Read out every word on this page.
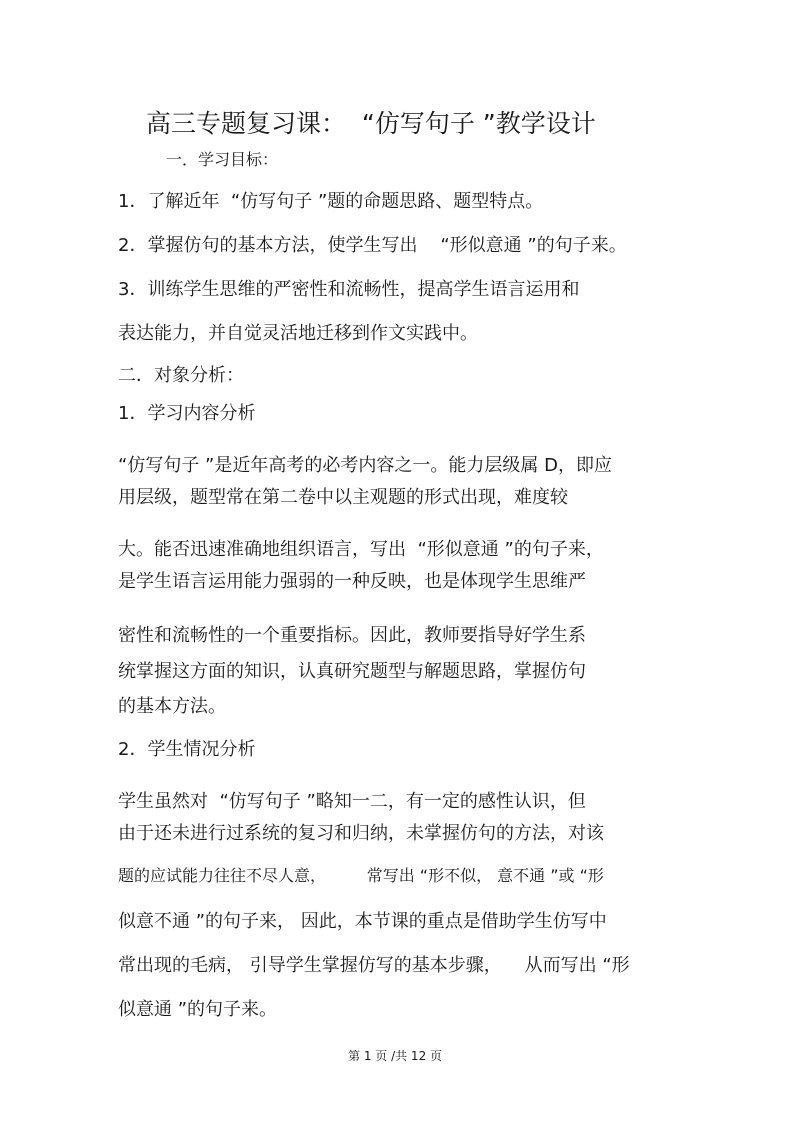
高三专题复习课：  “仿写句子 ”教学设计
一．学习目标：
1．了解近年  “仿写句子 ”题的命题思路、题型特点。
2．掌握仿句的基本方法，使学生写出    “形似意通 ”的句子来。
3．训练学生思维的严密性和流畅性，提高学生语言运用和
表达能力，并自觉灵活地迁移到作文实践中。
二．对象分析：
1．学习内容分析
“仿写句子 ”是近年高考的必考内容之一。能力层级属 D，即应
用层级，题型常在第二卷中以主观题的形式出现，难度较
大。能否迅速准确地组织语言，写出  “形似意通 ”的句子来，
是学生语言运用能力强弱的一种反映，也是体现学生思维严
密性和流畅性的一个重要指标。因此，教师要指导好学生系
统掌握这方面的知识，认真研究题型与解题思路，掌握仿句
的基本方法。
2．学生情况分析
学生虽然对  “仿写句子 ”略知一二，有一定的感性认识，但
由于还未进行过系统的复习和归纳，未掌握仿句的方法，对该
题的应试能力往往不尽人意，        常写出 “形不似， 意不通 ”或 “形
似意不通 ”的句子来， 因此，本节课的重点是借助学生仿写中
常出现的毛病， 引导学生掌握仿写的基本步骤，    从而写出 “形
似意通 ”的句子来。
第 1 页 /共 12 页
